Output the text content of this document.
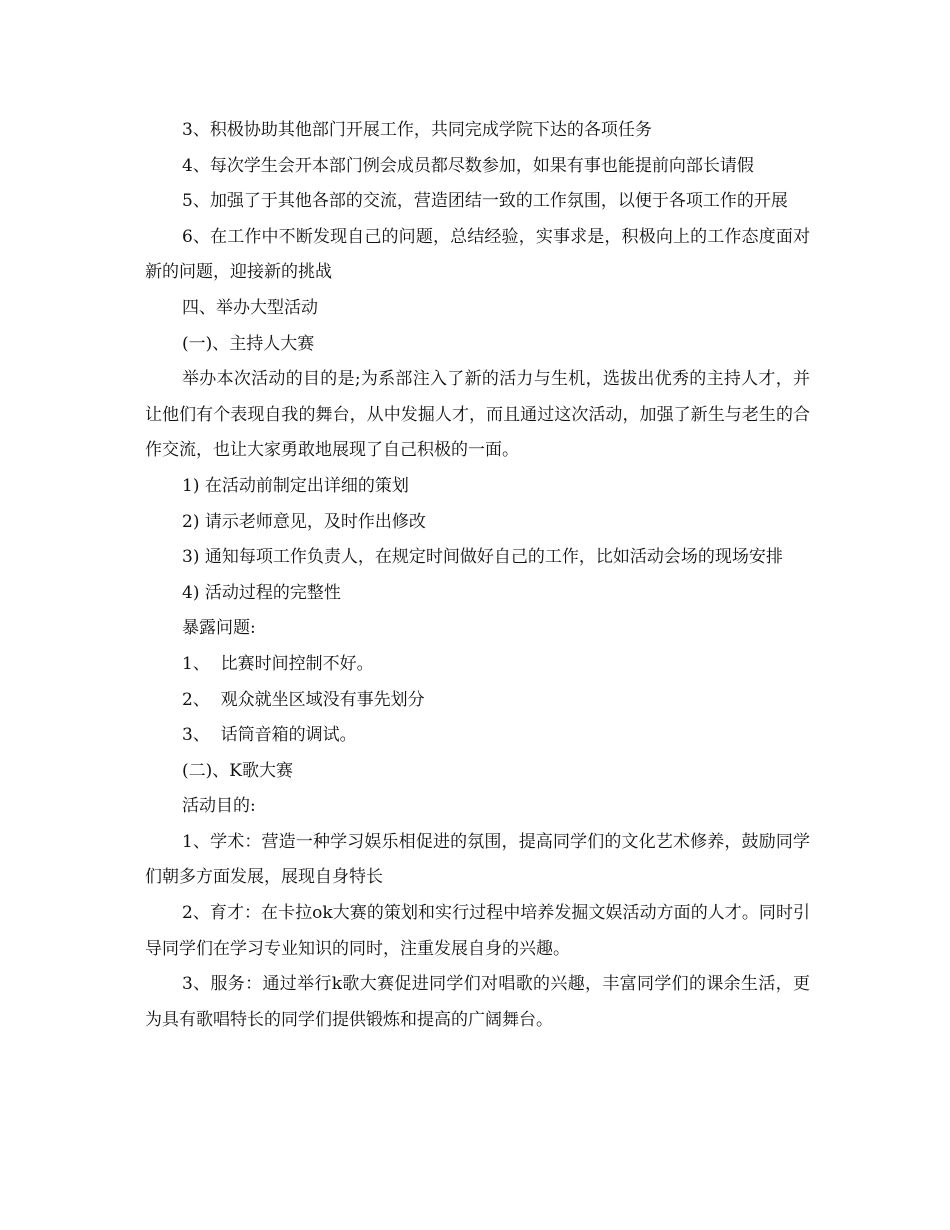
3、积极协助其他部门开展工作，共同完成学院下达的各项任务

4、每次学生会开本部门例会成员都尽数参加，如果有事也能提前向部长请假

5、加强了于其他各部的交流，营造团结一致的工作氛围，以便于各项工作的开展

6、在工作中不断发现自己的问题，总结经验，实事求是，积极向上的工作态度面对新的问题，迎接新的挑战

四、举办大型活动

(一)、主持人大赛

举办本次活动的目的是;为系部注入了新的活力与生机，选拔出优秀的主持人才，并让他们有个表现自我的舞台，从中发掘人才，而且通过这次活动，加强了新生与老生的合作交流，也让大家勇敢地展现了自己积极的一面。

1) 在活动前制定出详细的策划

2) 请示老师意见，及时作出修改

3) 通知每项工作负责人，在规定时间做好自己的工作，比如活动会场的现场安排

4) 活动过程的完整性

暴露问题:

1、  比赛时间控制不好。

2、  观众就坐区域没有事先划分

3、  话筒音箱的调试。

(二)、K歌大赛

活动目的:

1、学术：营造一种学习娱乐相促进的氛围，提高同学们的文化艺术修养，鼓励同学们朝多方面发展，展现自身特长

2、育才：在卡拉ok大赛的策划和实行过程中培养发掘文娱活动方面的人才。同时引导同学们在学习专业知识的同时，注重发展自身的兴趣。

3、服务：通过举行k歌大赛促进同学们对唱歌的兴趣，丰富同学们的课余生活，更为具有歌唱特长的同学们提供锻炼和提高的广阔舞台。
